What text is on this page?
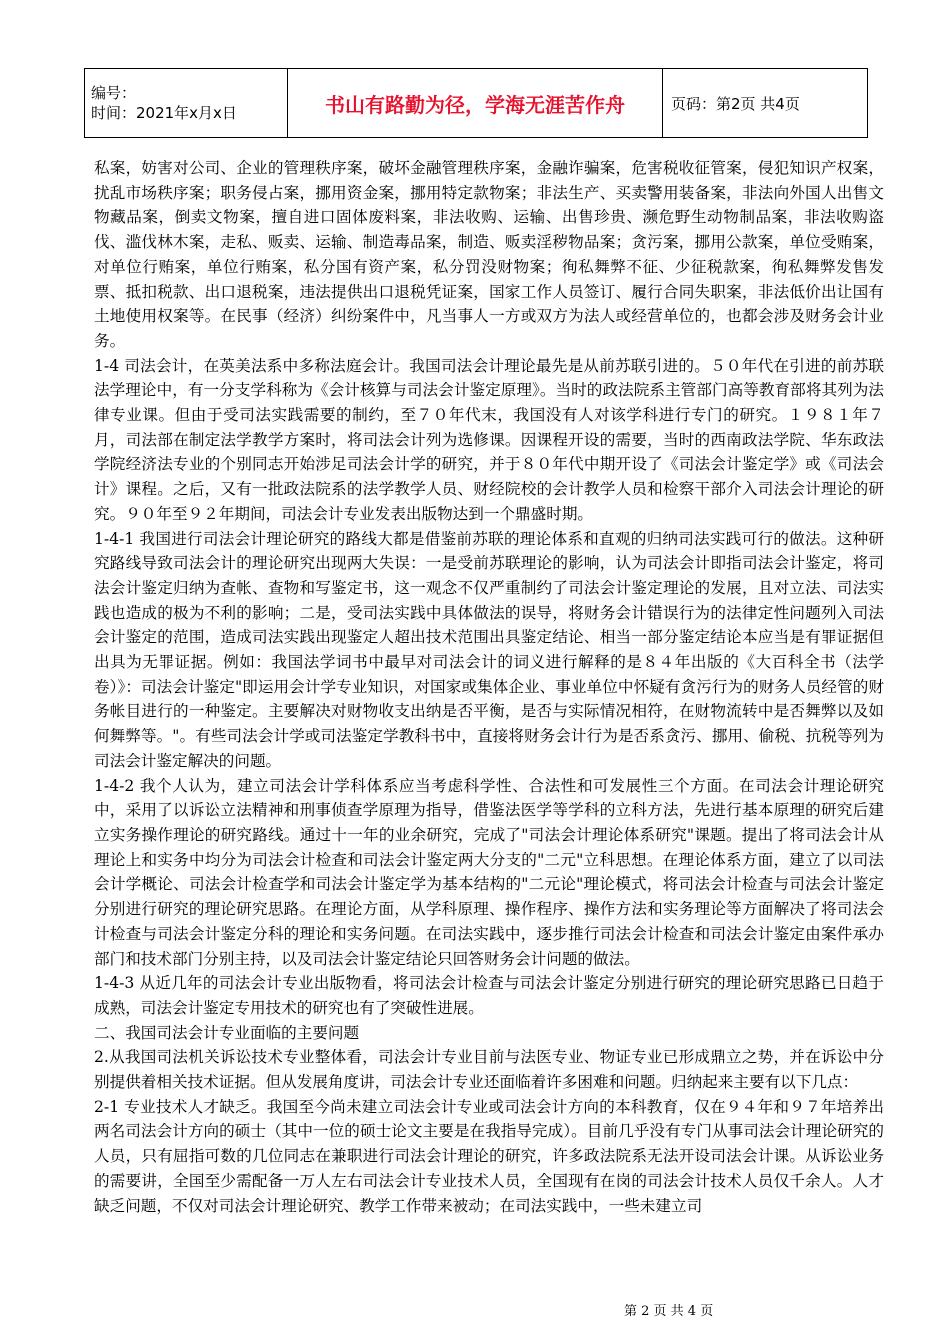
编号：
时间：2021年x月x日	书山有路勤为径，学海无涯苦作舟	页码：第2页 共4页

私案，妨害对公司、企业的管理秩序案，破坏金融管理秩序案，金融诈骗案，危害税收征管案，侵犯知识产权案，扰乱市场秩序案；职务侵占案，挪用资金案，挪用特定款物案；非法生产、买卖警用装备案，非法向外国人出售文物藏品案，倒卖文物案，擅自进口固体废料案，非法收购、运输、出售珍贵、濒危野生动物制品案，非法收购盗伐、滥伐林木案，走私、贩卖、运输、制造毒品案，制造、贩卖淫秽物品案；贪污案，挪用公款案，单位受贿案，对单位行贿案，单位行贿案，私分国有资产案，私分罚没财物案；徇私舞弊不征、少征税款案，徇私舞弊发售发票、抵扣税款、出口退税案，违法提供出口退税凭证案，国家工作人员签订、履行合同失职案，非法低价出让国有土地使用权案等。在民事（经济）纠纷案件中，凡当事人一方或双方为法人或经营单位的，也都会涉及财务会计业务。

1-4 司法会计，在英美法系中多称法庭会计。我国司法会计理论最先是从前苏联引进的。５０年代在引进的前苏联法学理论中，有一分支学科称为《会计核算与司法会计鉴定原理》。当时的政法院系主管部门高等教育部将其列为法律专业课。但由于受司法实践需要的制约，至７０年代末，我国没有人对该学科进行专门的研究。１９８１年７月，司法部在制定法学教学方案时，将司法会计列为选修课。因课程开设的需要，当时的西南政法学院、华东政法学院经济法专业的个别同志开始涉足司法会计学的研究，并于８０年代中期开设了《司法会计鉴定学》或《司法会计》课程。之后，又有一批政法院系的法学教学人员、财经院校的会计教学人员和检察干部介入司法会计理论的研究。９０年至９２年期间，司法会计专业发表出版物达到一个鼎盛时期。

1-4-1 我国进行司法会计理论研究的路线大都是借鉴前苏联的理论体系和直观的归纳司法实践可行的做法。这种研究路线导致司法会计的理论研究出现两大失误：一是受前苏联理论的影响，认为司法会计即指司法会计鉴定，将司法会计鉴定归纳为查帐、查物和写鉴定书，这一观念不仅严重制约了司法会计鉴定理论的发展，且对立法、司法实践也造成的极为不利的影响；二是，受司法实践中具体做法的误导，将财务会计错误行为的法律定性问题列入司法会计鉴定的范围，造成司法实践出现鉴定人超出技术范围出具鉴定结论、相当一部分鉴定结论本应当是有罪证据但出具为无罪证据。例如：我国法学词书中最早对司法会计的词义进行解释的是８４年出版的《大百科全书（法学卷）》：司法会计鉴定"即运用会计学专业知识，对国家或集体企业、事业单位中怀疑有贪污行为的财务人员经管的财务帐目进行的一种鉴定。主要解决对财物收支出纳是否平衡，是否与实际情况相符，在财物流转中是否舞弊以及如何舞弊等。"。有些司法会计学或司法鉴定学教科书中，直接将财务会计行为是否系贪污、挪用、偷税、抗税等列为司法会计鉴定解决的问题。

1-4-2 我个人认为，建立司法会计学科体系应当考虑科学性、合法性和可发展性三个方面。在司法会计理论研究中，采用了以诉讼立法精神和刑事侦查学原理为指导，借鉴法医学等学科的立科方法，先进行基本原理的研究后建立实务操作理论的研究路线。通过十一年的业余研究，完成了"司法会计理论体系研究"课题。提出了将司法会计从理论上和实务中均分为司法会计检查和司法会计鉴定两大分支的"二元"立科思想。在理论体系方面，建立了以司法会计学概论、司法会计检查学和司法会计鉴定学为基本结构的"二元论"理论模式，将司法会计检查与司法会计鉴定分别进行研究的理论研究思路。在理论方面，从学科原理、操作程序、操作方法和实务理论等方面解决了将司法会计检查与司法会计鉴定分科的理论和实务问题。在司法实践中，逐步推行司法会计检查和司法会计鉴定由案件承办部门和技术部门分别主持，以及司法会计鉴定结论只回答财务会计问题的做法。

1-4-3 从近几年的司法会计专业出版物看，将司法会计检查与司法会计鉴定分别进行研究的理论研究思路已日趋于成熟，司法会计鉴定专用技术的研究也有了突破性进展。

二、我国司法会计专业面临的主要问题

2.从我国司法机关诉讼技术专业整体看，司法会计专业目前与法医专业、物证专业已形成鼎立之势，并在诉讼中分别提供着相关技术证据。但从发展角度讲，司法会计专业还面临着许多困难和问题。归纳起来主要有以下几点：

2-1 专业技术人才缺乏。我国至今尚未建立司法会计专业或司法会计方向的本科教育，仅在９４年和９７年培养出两名司法会计方向的硕士（其中一位的硕士论文主要是在我指导完成）。目前几乎没有专门从事司法会计理论研究的人员，只有屈指可数的几位同志在兼职进行司法会计理论的研究，许多政法院系无法开设司法会计课。从诉讼业务的需要讲，全国至少需配备一万人左右司法会计专业技术人员，全国现有在岗的司法会计技术人员仅千余人。人才缺乏问题，不仅对司法会计理论研究、教学工作带来被动；在司法实践中，一些未建立司

第 2 页 共 4 页
